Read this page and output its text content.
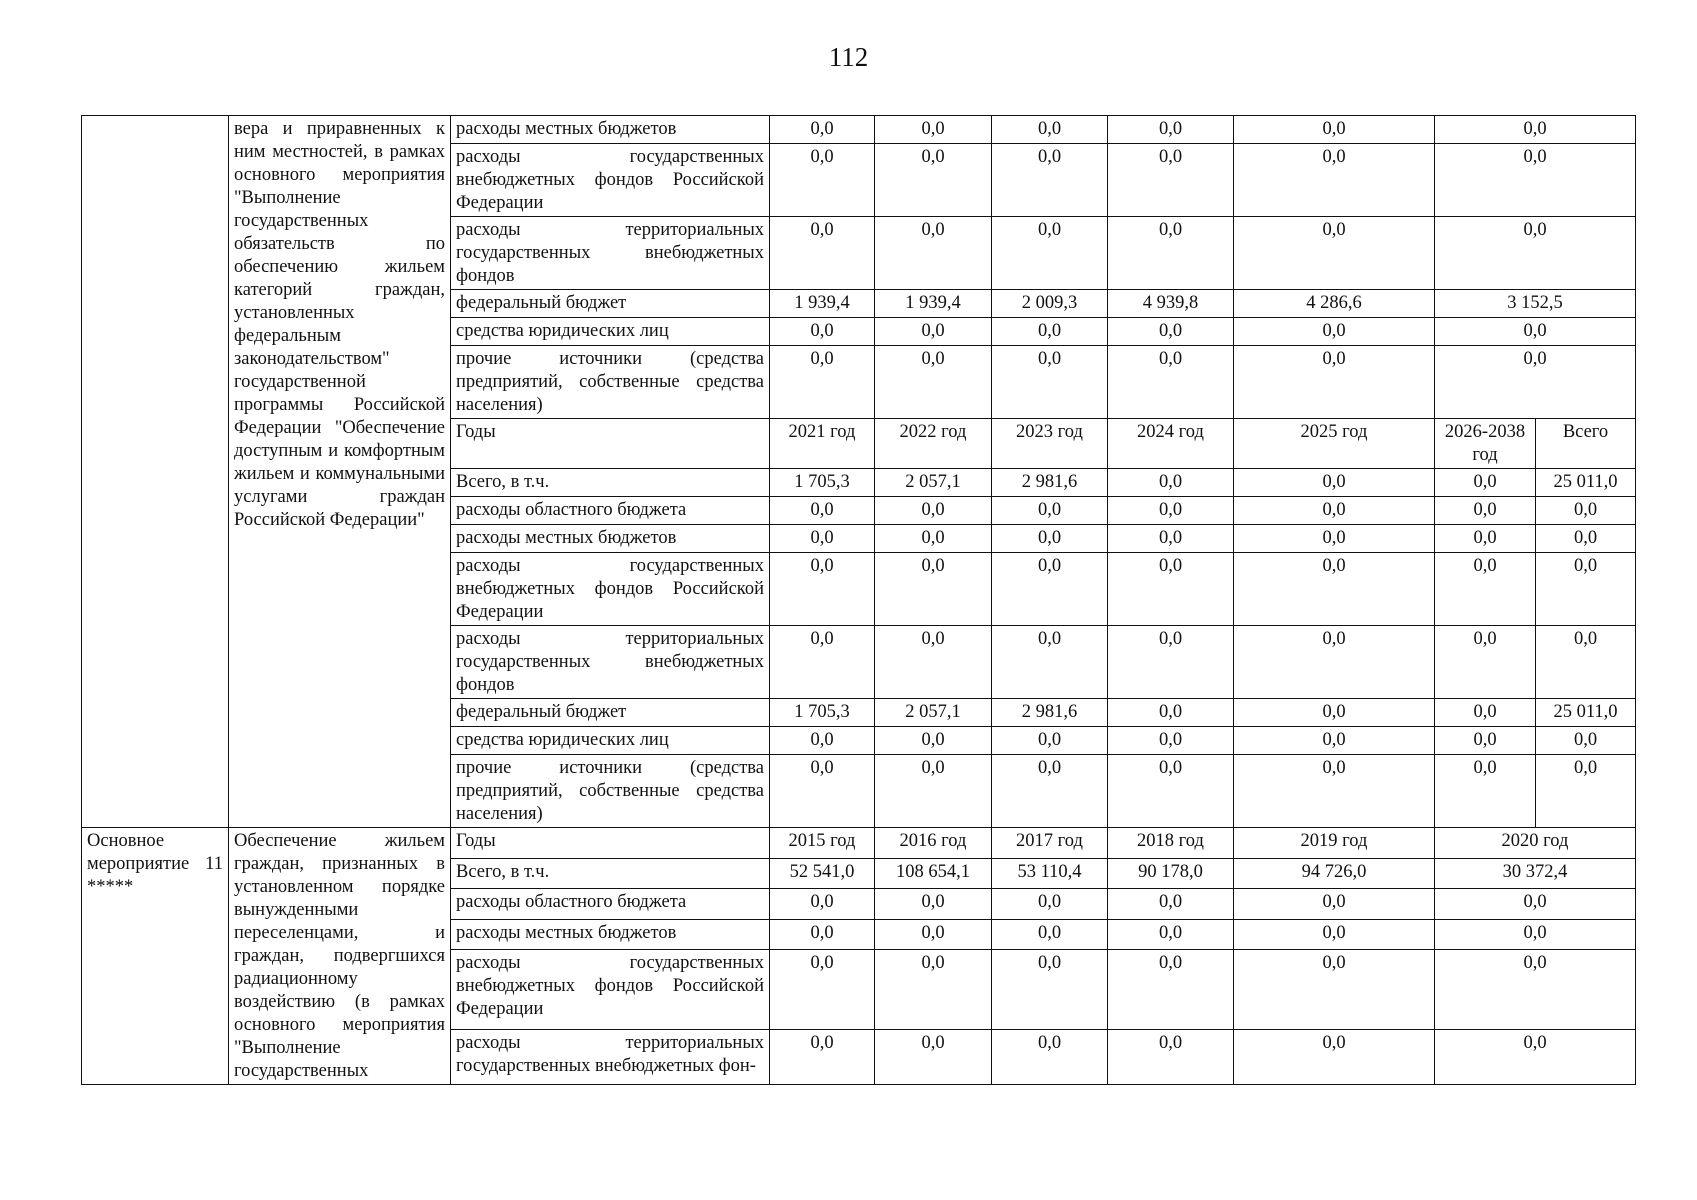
112
	вера и приравненных к ним местностей, в рамках основного мероприятия "Выполнение государственных обязательств по обеспечению жильем категорий граждан, установленных федеральным законодательством" государственной программы Российской Федерации "Обеспечение доступным и комфортным жильем и коммунальными услугами граждан Российской Федерации"	расходы местных бюджетов	0,0	0,0	0,0	0,0	0,0	0,0	
		расходы государственных внебюджетных фондов Российской Федерации	0,0	0,0	0,0	0,0	0,0	0,0	
		расходы территориальных государственных внебюджетных фондов	0,0	0,0	0,0	0,0	0,0	0,0	
		федеральный бюджет	1 939,4	1 939,4	2 009,3	4 939,8	4 286,6	3 152,5	
		средства юридических лиц	0,0	0,0	0,0	0,0	0,0	0,0	
		прочие источники (средства предприятий, собственные средства населения)	0,0	0,0	0,0	0,0	0,0	0,0	
		Годы	2021 год	2022 год	2023 год	2024 год	2025 год	2026-2038 год	Всего
		Всего, в т.ч.	1 705,3	2 057,1	2 981,6	0,0	0,0	0,0	25 011,0
		расходы областного бюджета	0,0	0,0	0,0	0,0	0,0	0,0	0,0
		расходы местных бюджетов	0,0	0,0	0,0	0,0	0,0	0,0	0,0
		расходы государственных внебюджетных фондов Российской Федерации	0,0	0,0	0,0	0,0	0,0	0,0	0,0
		расходы территориальных государственных внебюджетных фондов	0,0	0,0	0,0	0,0	0,0	0,0	0,0
		федеральный бюджет	1 705,3	2 057,1	2 981,6	0,0	0,0	0,0	25 011,0
		средства юридических лиц	0,0	0,0	0,0	0,0	0,0	0,0	0,0
		прочие источники (средства предприятий, собственные средства населения)	0,0	0,0	0,0	0,0	0,0	0,0	0,0
Основное мероприятие 11 *****	Обеспечение жильем граждан, признанных в установленном порядке вынужденными переселенцами, и граждан, подвергшихся радиационному воздействию (в рамках основного мероприятия "Выполнение государственных	Годы	2015 год	2016 год	2017 год	2018 год	2019 год	2020 год	
		Всего, в т.ч.	52 541,0	108 654,1	53 110,4	90 178,0	94 726,0	30 372,4	
		расходы областного бюджета	0,0	0,0	0,0	0,0	0,0	0,0	
		расходы местных бюджетов	0,0	0,0	0,0	0,0	0,0	0,0	
		расходы государственных внебюджетных фондов Российской Федерации	0,0	0,0	0,0	0,0	0,0	0,0	
		расходы территориальных государственных внебюджетных фон-	0,0	0,0	0,0	0,0	0,0	0,0	
